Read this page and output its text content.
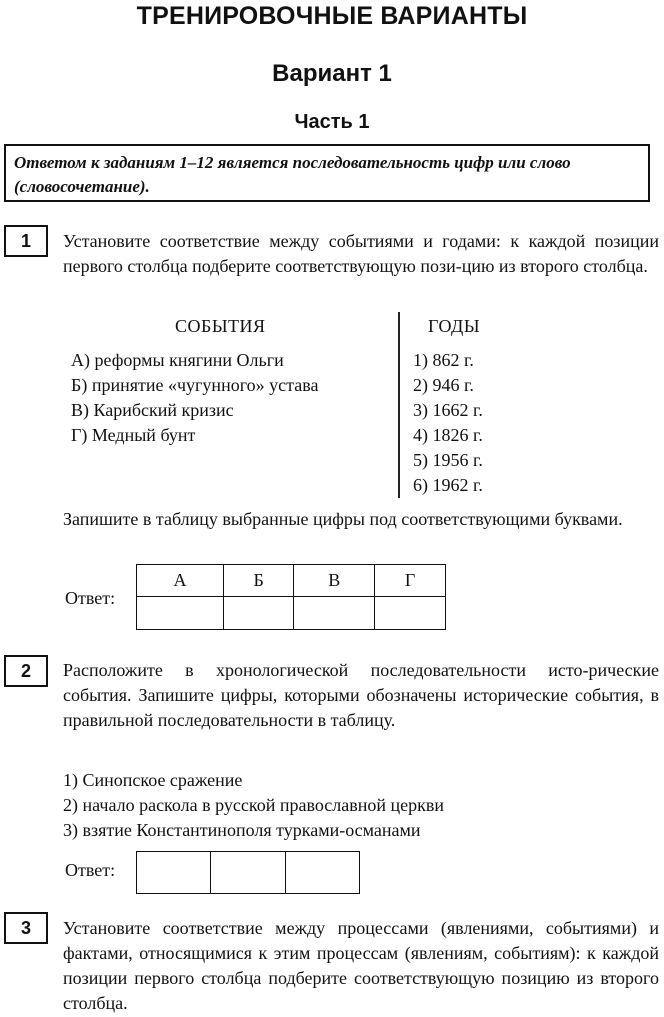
ТРЕНИРОВОЧНЫЕ ВАРИАНТЫ
Вариант 1
Часть 1
Ответом к заданиям 1–12 является последовательность цифр или слово (словосочетание).
1	Установите соответствие между событиями и годами: к каждой позиции первого столбца подберите соответствующую пози-цию из второго столбца.
СОБЫТИЯ	ГОДЫ
А) реформы княгини Ольги
Б) принятие «чугунного» устава
В) Карибский кризис
Г) Медный бунт
1) 862 г.
2) 946 г.
3) 1662 г.
4) 1826 г.
5) 1956 г.
6) 1962 г.
Запишите в таблицу выбранные цифры под соответствующими буквами.
Ответ:
А	Б	В	Г

2	Расположите в хронологической последовательности исто-рические события. Запишите цифры, которыми обозначены исторические события, в правильной последовательности в таблицу.
1) Синопское сражение
2) начало раскола в русской православной церкви
3) взятие Константинополя турками-османами
Ответ:

3	Установите соответствие между процессами (явлениями, событиями) и фактами, относящимися к этим процессам (явлениям, событиям): к каждой позиции первого столбца подберите соответствующую позицию из второго столбца.
